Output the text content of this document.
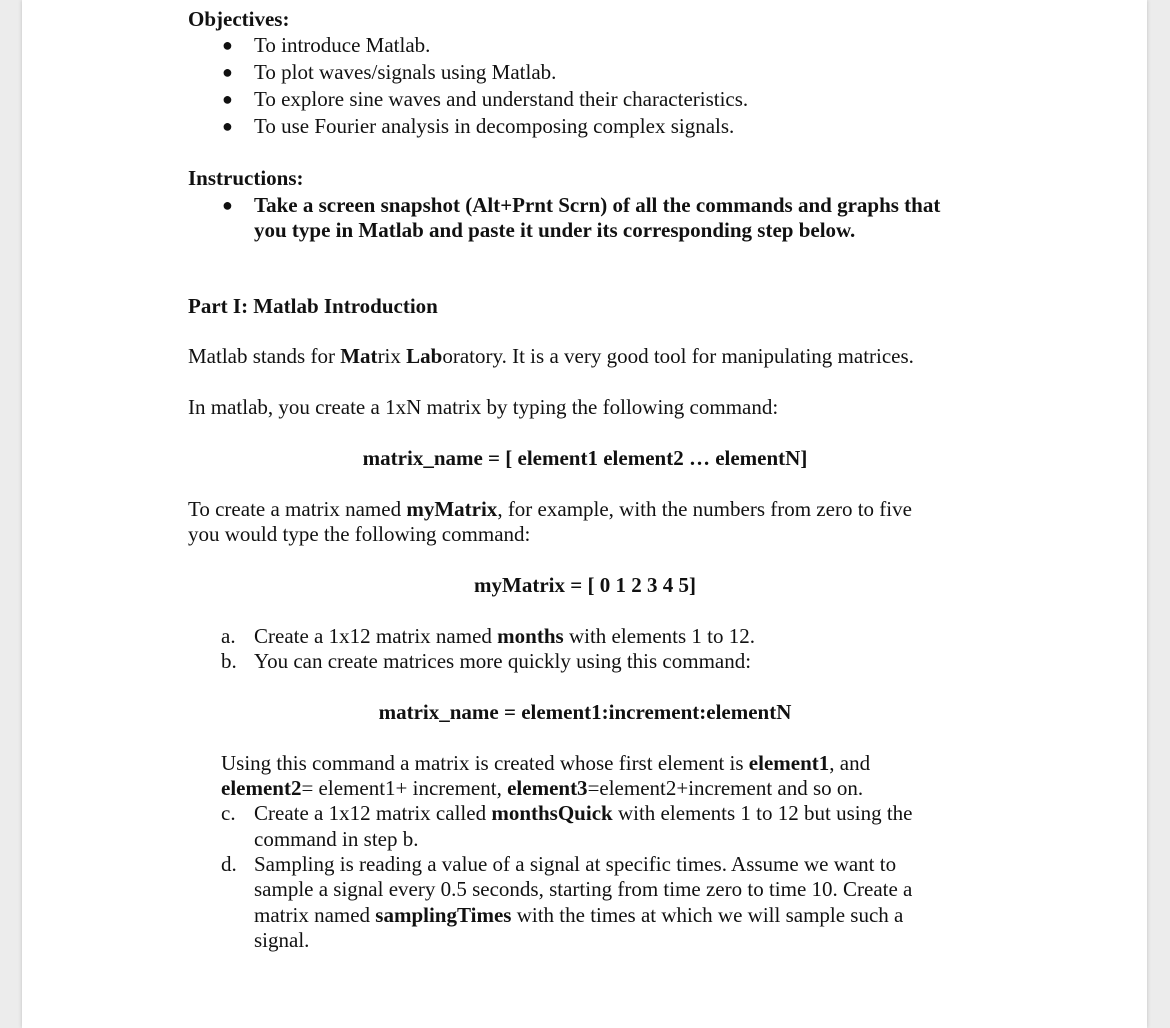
Objectives:
● To introduce Matlab.
● To plot waves/signals using Matlab.
● To explore sine waves and understand their characteristics.
● To use Fourier analysis in decomposing complex signals.
Instructions:
● Take a screen snapshot (Alt+Prnt Scrn) of all the commands and graphs that
you type in Matlab and paste it under its corresponding step below.
Part I: Matlab Introduction
Matlab stands for Matrix Laboratory. It is a very good tool for manipulating matrices.
In matlab, you create a 1xN matrix by typing the following command:
matrix_name = [ element1 element2 … elementN]
To create a matrix named myMatrix, for example, with the numbers from zero to five
you would type the following command:
myMatrix = [ 0 1 2 3 4 5]
a. Create a 1x12 matrix named months with elements 1 to 12.
b. You can create matrices more quickly using this command:
matrix_name = element1:increment:elementN
Using this command a matrix is created whose first element is element1, and
element2= element1+ increment, element3=element2+increment and so on.
c. Create a 1x12 matrix called monthsQuick with elements 1 to 12 but using the
command in step b.
d. Sampling is reading a value of a signal at specific times. Assume we want to
sample a signal every 0.5 seconds, starting from time zero to time 10. Create a
matrix named samplingTimes with the times at which we will sample such a
signal.
